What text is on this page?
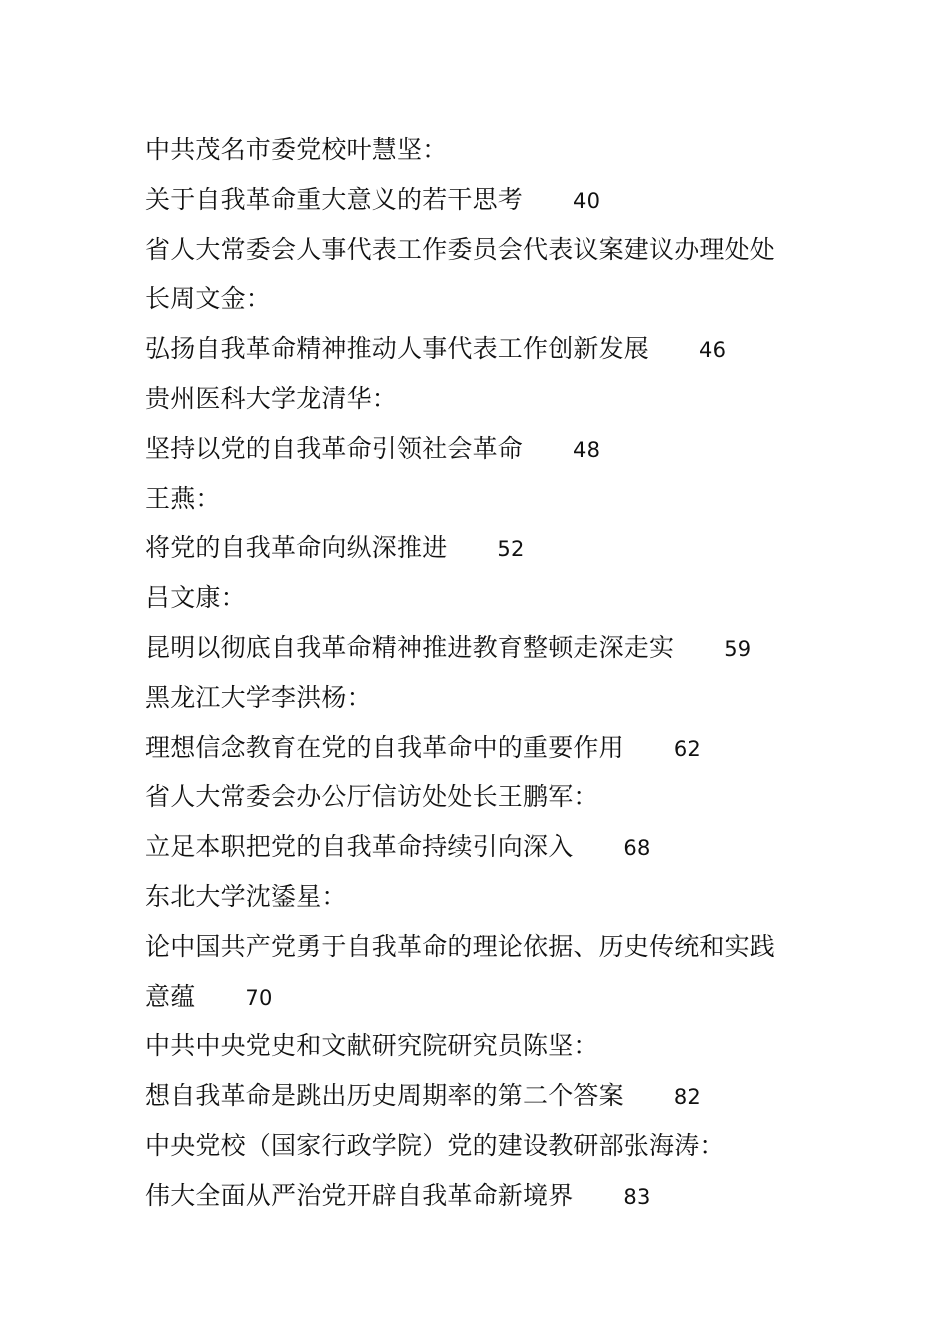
中共茂名市委党校叶慧坚：
关于自我革命重大意义的若干思考 40
省人大常委会人事代表工作委员会代表议案建议办理处处
长周文金：
弘扬自我革命精神推动人事代表工作创新发展 46
贵州医科大学龙清华：
坚持以党的自我革命引领社会革命 48
王燕：
将党的自我革命向纵深推进 52
吕文康：
昆明以彻底自我革命精神推进教育整顿走深走实 59
黑龙江大学李洪杨：
理想信念教育在党的自我革命中的重要作用 62
省人大常委会办公厅信访处处长王鹏军：
立足本职把党的自我革命持续引向深入 68
东北大学沈鋈星：
论中国共产党勇于自我革命的理论依据、历史传统和实践
意蕴 70
中共中央党史和文献研究院研究员陈坚：
想自我革命是跳出历史周期率的第二个答案 82
中央党校（国家行政学院）党的建设教研部张海涛：
伟大全面从严治党开辟自我革命新境界 83
